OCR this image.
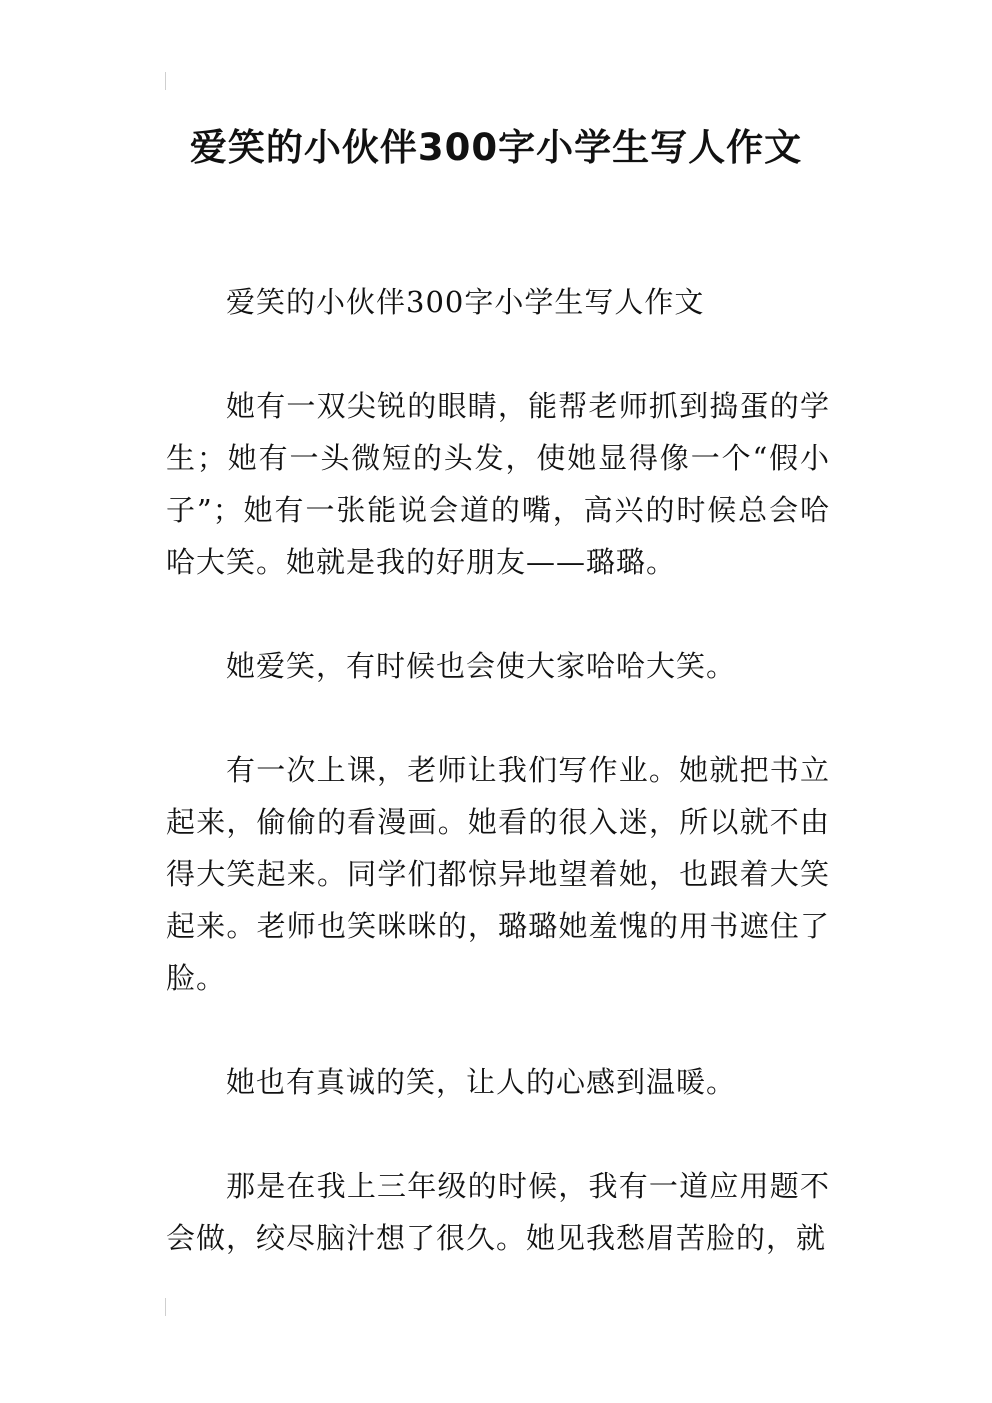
爱笑的小伙伴300字小学生写人作文

爱笑的小伙伴300字小学生写人作文

她有一双尖锐的眼睛，能帮老师抓到捣蛋的学生；她有一头微短的头发，使她显得像一个“假小子”；她有一张能说会道的嘴，高兴的时候总会哈哈大笑。她就是我的好朋友——璐璐。

她爱笑，有时候也会使大家哈哈大笑。

有一次上课，老师让我们写作业。她就把书立起来，偷偷的看漫画。她看的很入迷，所以就不由得大笑起来。同学们都惊异地望着她，也跟着大笑起来。老师也笑咪咪的，璐璐她羞愧的用书遮住了脸。

她也有真诚的笑，让人的心感到温暖。

那是在我上三年级的时候，我有一道应用题不会做，绞尽脑汁想了很久。她见我愁眉苦脸的，就
